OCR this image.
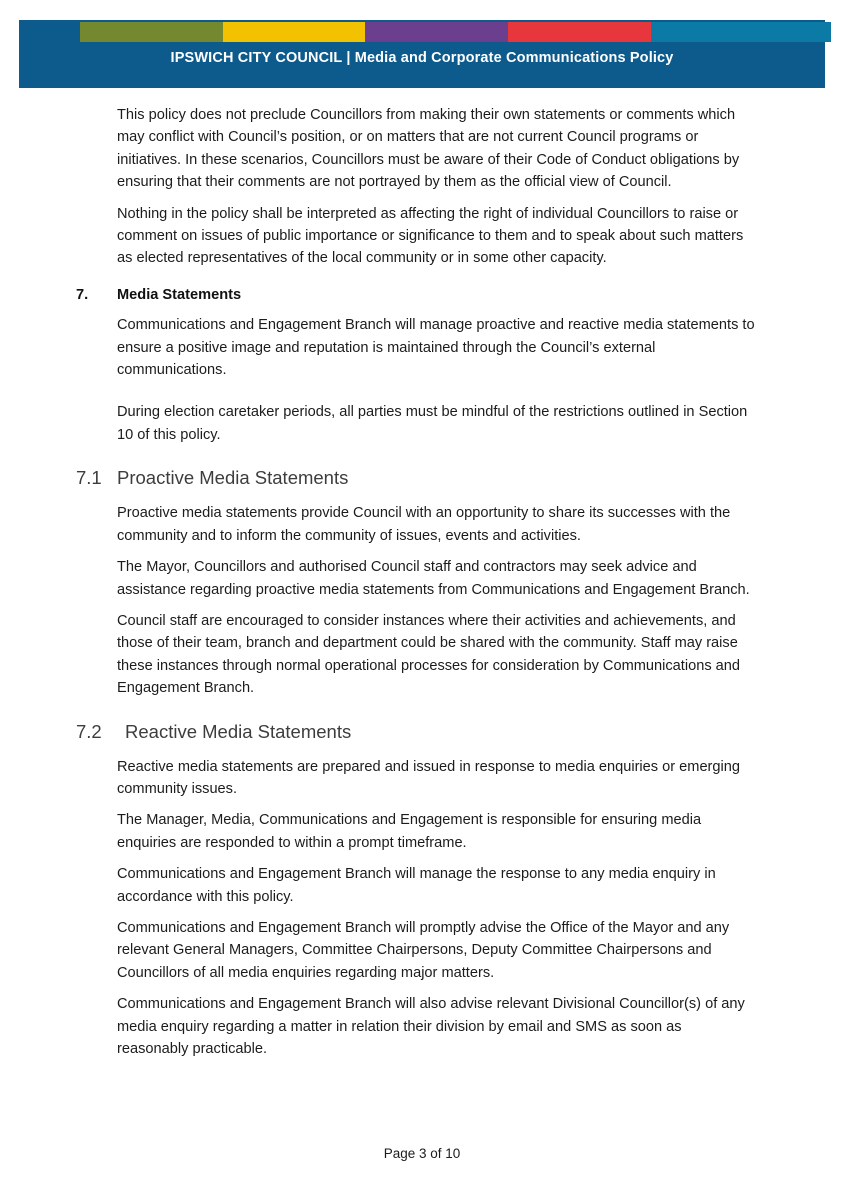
IPSWICH CITY COUNCIL | Media and Corporate Communications Policy

This policy does not preclude Councillors from making their own statements or comments which may conflict with Council’s position, or on matters that are not current Council programs or initiatives. In these scenarios, Councillors must be aware of their Code of Conduct obligations by ensuring that their comments are not portrayed by them as the official view of Council.

Nothing in the policy shall be interpreted as affecting the right of individual Councillors to raise or comment on issues of public importance or significance to them and to speak about such matters as elected representatives of the local community or in some other capacity.

7.	Media Statements

Communications and Engagement Branch will manage proactive and reactive media statements to ensure a positive image and reputation is maintained through the Council’s external communications.

During election caretaker periods, all parties must be mindful of the restrictions outlined in Section 10 of this policy.

7.1 Proactive Media Statements

Proactive media statements provide Council with an opportunity to share its successes with the community and to inform the community of issues, events and activities.

The Mayor, Councillors and authorised Council staff and contractors may seek advice and assistance regarding proactive media statements from Communications and Engagement Branch.

Council staff are encouraged to consider instances where their activities and achievements, and those of their team, branch and department could be shared with the community. Staff may raise these instances through normal operational processes for consideration by Communications and Engagement Branch.

7.2	Reactive Media Statements

Reactive media statements are prepared and issued in response to media enquiries or emerging community issues.

The Manager, Media, Communications and Engagement is responsible for ensuring media enquiries are responded to within a prompt timeframe.

Communications and Engagement Branch will manage the response to any media enquiry in accordance with this policy.

Communications and Engagement Branch will promptly advise the Office of the Mayor and any relevant General Managers, Committee Chairpersons, Deputy Committee Chairpersons and Councillors of all media enquiries regarding major matters.

Communications and Engagement Branch will also advise relevant Divisional Councillor(s) of any media enquiry regarding a matter in relation their division by email and SMS as soon as reasonably practicable.

Page 3 of 10
